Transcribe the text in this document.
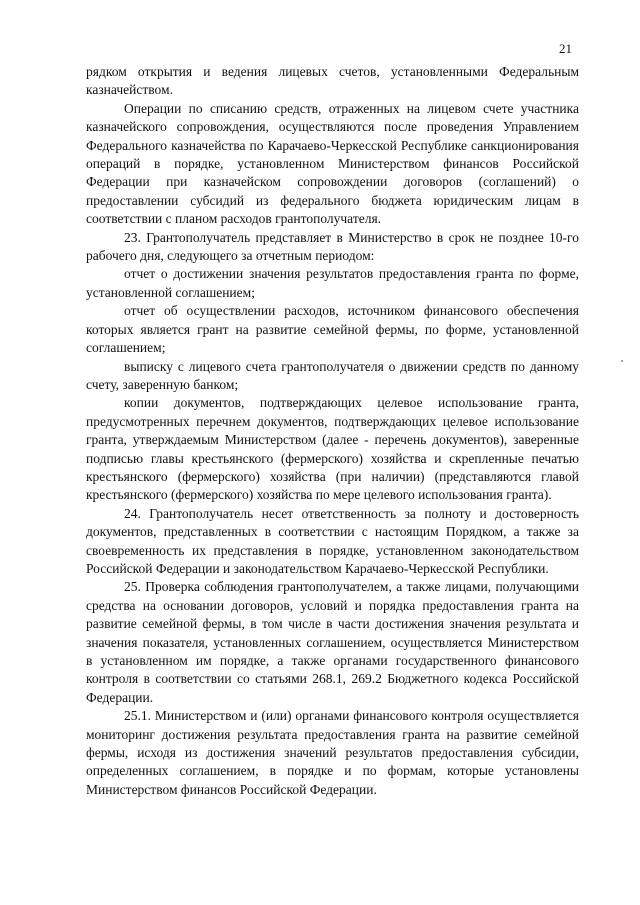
21

рядком открытия и ведения лицевых счетов, установленными Федеральным казначейством.

Операции по списанию средств, отраженных на лицевом счете участника казначейского сопровождения, осуществляются после проведения Управлением Федерального казначейства по Карачаево-Черкесской Республике санкционирования операций в порядке, установленном Министерством финансов Российской Федерации при казначейском сопровождении договоров (соглашений) о предоставлении субсидий из федерального бюджета юридическим лицам в соответствии с планом расходов грантополучателя.

23. Грантополучатель представляет в Министерство в срок не позднее 10-го рабочего дня, следующего за отчетным периодом:

отчет о достижении значения результатов предоставления гранта по форме, установленной соглашением;

отчет об осуществлении расходов, источником финансового обеспечения которых является грант на развитие семейной фермы, по форме, установленной соглашением;

выписку с лицевого счета грантополучателя о движении средств по данному счету, заверенную банком;

копии документов, подтверждающих целевое использование гранта, предусмотренных перечнем документов, подтверждающих целевое использование гранта, утверждаемым Министерством (далее - перечень документов), заверенные подписью главы крестьянского (фермерского) хозяйства и скрепленные печатью крестьянского (фермерского) хозяйства (при наличии) (представляются главой крестьянского (фермерского) хозяйства по мере целевого использования гранта).

24. Грантополучатель несет ответственность за полноту и достоверность документов, представленных в соответствии с настоящим Порядком, а также за своевременность их представления в порядке, установленном законодательством Российской Федерации и законодательством Карачаево-Черкесской Республики.

25. Проверка соблюдения грантополучателем, а также лицами, получающими средства на основании договоров, условий и порядка предоставления гранта на развитие семейной фермы, в том числе в части достижения значения результата и значения показателя, установленных соглашением, осуществляется Министерством в установленном им порядке, а также органами государственного финансового контроля в соответствии со статьями 268.1, 269.2 Бюджетного кодекса Российской Федерации.

25.1. Министерством и (или) органами финансового контроля осуществляется мониторинг достижения результата предоставления гранта на развитие семейной фермы, исходя из достижения значений результатов предоставления субсидии, определенных соглашением, в порядке и по формам, которые установлены Министерством финансов Российской Федерации.
